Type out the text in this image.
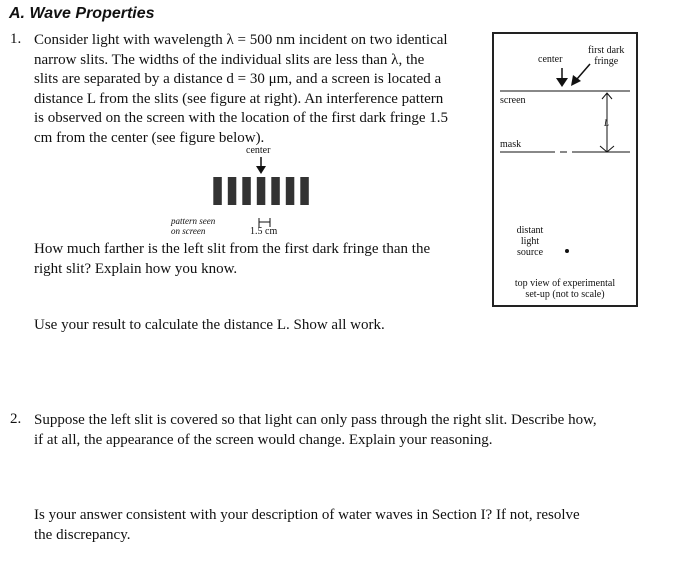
A. Wave Properties
1. Consider light with wavelength λ = 500 nm incident on two identical
narrow slits. The widths of the individual slits are less than λ, the
slits are separated by a distance d = 30 μm, and a screen is located a
distance L from the slits (see figure at right). An interference pattern
is observed on the screen with the location of the first dark fringe 1.5
cm from the center (see figure below).
center
pattern seen
on screen	1.5 cm
How much farther is the left slit from the first dark fringe than the
right slit? Explain how you know.
Use your result to calculate the distance L. Show all work.
center
first dark
fringe
screen
L
mask
distant
light
source
top view of experimental
set-up (not to scale)
2. Suppose the left slit is covered so that light can only pass through the right slit. Describe how,
if at all, the appearance of the screen would change. Explain your reasoning.
Is your answer consistent with your description of water waves in Section I? If not, resolve
the discrepancy.
